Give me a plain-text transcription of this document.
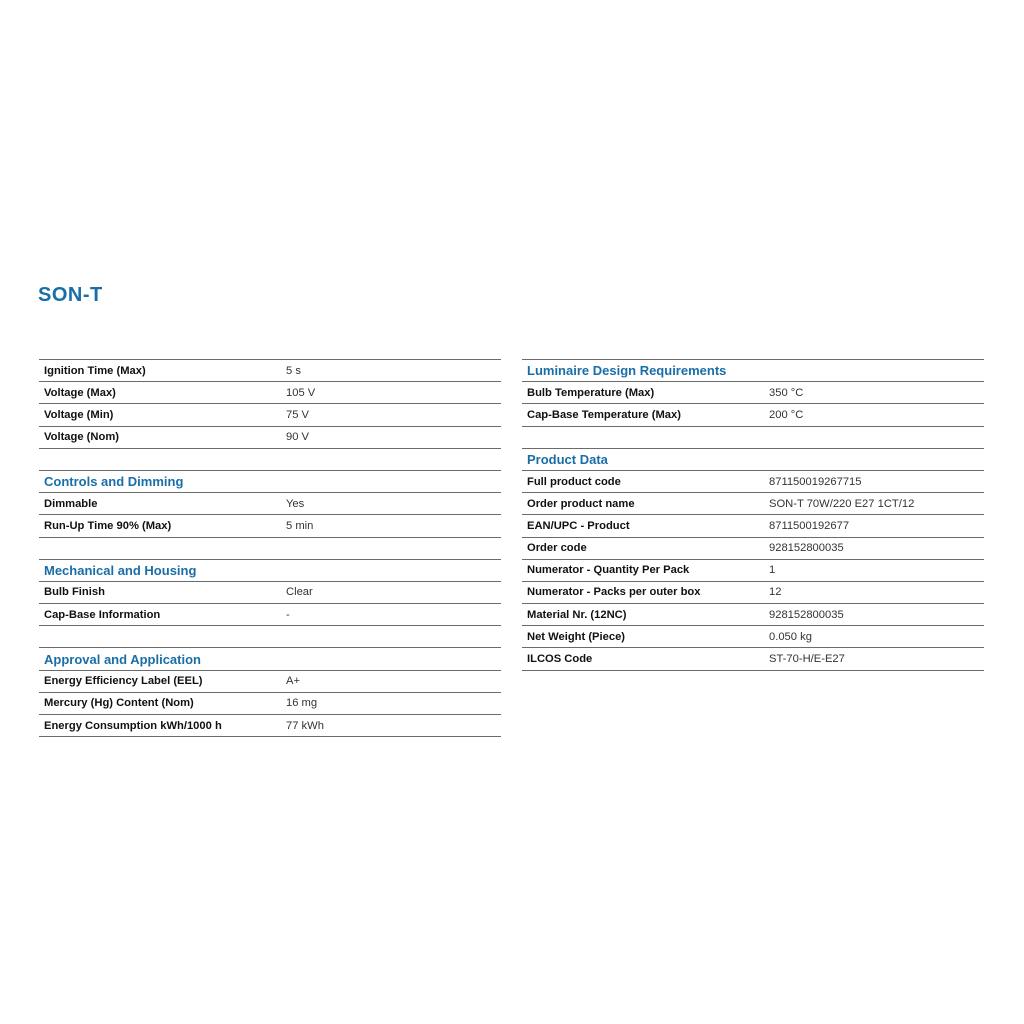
SON-T
Ignition Time (Max)	5 s
Voltage (Max)	105 V
Voltage (Min)	75 V
Voltage (Nom)	90 V
Controls and Dimming
Dimmable	Yes
Run-Up Time 90% (Max)	5 min
Mechanical and Housing
Bulb Finish	Clear
Cap-Base Information	-
Approval and Application
Energy Efficiency Label (EEL)	A+
Mercury (Hg) Content (Nom)	16 mg
Energy Consumption kWh/1000 h	77 kWh
Luminaire Design Requirements
Bulb Temperature (Max)	350 °C
Cap-Base Temperature (Max)	200 °C
Product Data
Full product code	871150019267715
Order product name	SON-T 70W/220 E27 1CT/12
EAN/UPC - Product	8711500192677
Order code	928152800035
Numerator - Quantity Per Pack	1
Numerator - Packs per outer box	12
Material Nr. (12NC)	928152800035
Net Weight (Piece)	0.050 kg
ILCOS Code	ST-70-H/E-E27
